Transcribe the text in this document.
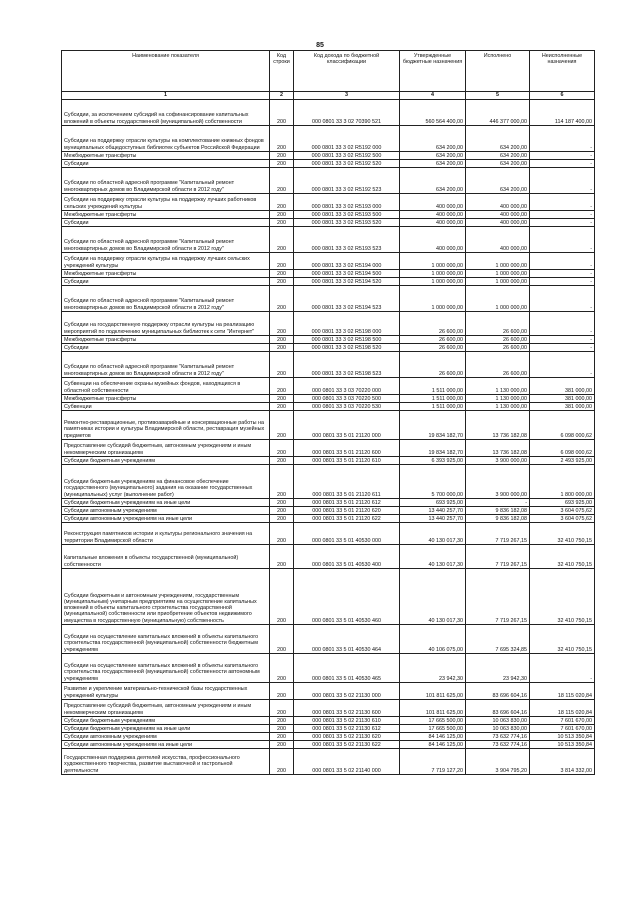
85
Наименование показателя	Код строки	Код дохода по бюджетной классификации	Утвержденные бюджетные назначения	Исполнено	Неисполненные назначения
1	2	3	4	5	6
Субсидии, за исключением субсидий на софинансирование капитальных вложений в объекты государственной (муниципальной) собственности	200	000 0801 33 3 02 70390 521	560 564 400,00	446 377 000,00	114 187 400,00
Субсидии на поддержку отрасли культуры на комплектование книжных фондов муниципальных общедоступных библиотек субъектов Российской Федерации	200	000 0801 33 3 02 R5192 000	634 200,00	634 200,00	-
Межбюджетные трансферты	200	000 0801 33 3 02 R5192 500	634 200,00	634 200,00	-
Субсидии	200	000 0801 33 3 02 R5192 520	634 200,00	634 200,00	-
Субсидии по областной адресной программе "Капитальный ремонт многоквартирных домов во Владимирской области в 2012 году"	200	000 0801 33 3 02 R5192 523	634 200,00	634 200,00	-
Субсидии на поддержку отрасли культуры на поддержку лучших работников сельских учреждений культуры	200	000 0801 33 3 02 R5193 000	400 000,00	400 000,00	-
Межбюджетные трансферты	200	000 0801 33 3 02 R5193 500	400 000,00	400 000,00	-
Субсидии	200	000 0801 33 3 02 R5193 520	400 000,00	400 000,00	-
Субсидии по областной адресной программе "Капитальный ремонт многоквартирных домов во Владимирской области в 2012 году"	200	000 0801 33 3 02 R5193 523	400 000,00	400 000,00	-
Субсидии на поддержку отрасли культуры на поддержку лучших сельских учреждений культуры	200	000 0801 33 3 02 R5194 000	1 000 000,00	1 000 000,00	-
Межбюджетные трансферты	200	000 0801 33 3 02 R5194 500	1 000 000,00	1 000 000,00	-
Субсидии	200	000 0801 33 3 02 R5194 520	1 000 000,00	1 000 000,00	-
Субсидии по областной адресной программе "Капитальный ремонт многоквартирных домов во Владимирской области в 2012 году"	200	000 0801 33 3 02 R5194 523	1 000 000,00	1 000 000,00	-
Субсидии на государственную поддержку отрасли культуры на реализацию мероприятий по подключению муниципальных библиотек к сети "Интернет"	200	000 0801 33 3 02 R5198 000	26 600,00	26 600,00	-
Межбюджетные трансферты	200	000 0801 33 3 02 R5198 500	26 600,00	26 600,00	-
Субсидии	200	000 0801 33 3 02 R5198 520	26 600,00	26 600,00	-
Субсидии по областной адресной программе "Капитальный ремонт многоквартирных домов во Владимирской области в 2012 году"	200	000 0801 33 3 02 R5198 523	26 600,00	26 600,00	-
Субвенции на обеспечение охраны музейных фондов, находящихся в областной собственности	200	000 0801 33 3 03 70220 000	1 511 000,00	1 130 000,00	381 000,00
Межбюджетные трансферты	200	000 0801 33 3 03 70220 500	1 511 000,00	1 130 000,00	381 000,00
Субвенции	200	000 0801 33 3 03 70220 530	1 511 000,00	1 130 000,00	381 000,00
Ремонтно-реставрационные, противоаварийные и консервационные работы на памятниках истории и культуры Владимирской области, реставрация музейных предметов	200	000 0801 33 5 01 21120 000	19 834 182,70	13 736 182,08	6 098 000,62
Предоставление субсидий бюджетным, автономным учреждениям и иным некоммерческим организациям	200	000 0801 33 5 01 21120 600	19 834 182,70	13 736 182,08	6 098 000,62
Субсидии бюджетным учреждениям	200	000 0801 33 5 01 21120 610	6 393 925,00	3 900 000,00	2 493 925,00
Субсидии бюджетным учреждениям на финансовое обеспечение государственного (муниципального) задания на оказание государственных (муниципальных) услуг (выполнение работ)	200	000 0801 33 5 01 21120 611	5 700 000,00	3 900 000,00	1 800 000,00
Субсидии бюджетным учреждениям на иные цели	200	000 0801 33 5 01 21120 612	693 925,00	-	693 925,00
Субсидии автономным учреждениям	200	000 0801 33 5 01 21120 620	13 440 257,70	9 836 182,08	3 604 075,62
Субсидии автономным учреждениям на иные цели	200	000 0801 33 5 01 21120 622	13 440 257,70	9 836 182,08	3 604 075,62
Реконструкция памятников истории и культуры регионального значения на территории Владимирской области	200	000 0801 33 5 01 40530 000	40 130 017,30	7 719 267,15	32 410 750,15
Капитальные вложения в объекты государственной (муниципальной) собственности	200	000 0801 33 5 01 40530 400	40 130 017,30	7 719 267,15	32 410 750,15
Субсидии бюджетным и автономным учреждениям, государственным (муниципальным) унитарным предприятиям на осуществление капитальных вложений в объекты капитального строительства государственной (муниципальной) собственности или приобретение объектов недвижимого имущества в государственную (муниципальную) собственность	200	000 0801 33 5 01 40530 460	40 130 017,30	7 719 267,15	32 410 750,15
Субсидии на осуществление капитальных вложений в объекты капитального строительства государственной (муниципальной) собственности бюджетным учреждениям	200	000 0801 33 5 01 40530 464	40 106 075,00	7 695 324,85	32 410 750,15
Субсидии на осуществление капитальных вложений в объекты капитального строительства государственной (муниципальной) собственности автономным учреждениям	200	000 0801 33 5 01 40530 465	23 942,30	23 942,30	-
Развитие и укрепление материально-технической базы государственных учреждений культуры	200	000 0801 33 5 02 21130 000	101 811 625,00	83 696 604,16	18 115 020,84
Предоставление субсидий бюджетным, автономным учреждениям и иным некоммерческим организациям	200	000 0801 33 5 02 21130 600	101 811 625,00	83 696 604,16	18 115 020,84
Субсидии бюджетным учреждениям	200	000 0801 33 5 02 21130 610	17 665 500,00	10 063 830,00	7 601 670,00
Субсидии бюджетным учреждениям на иные цели	200	000 0801 33 5 02 21130 612	17 665 500,00	10 063 830,00	7 601 670,00
Субсидии автономным учреждениям	200	000 0801 33 5 02 21130 620	84 146 125,00	73 632 774,16	10 513 350,84
Субсидии автономным учреждениям на иные цели	200	000 0801 33 5 02 21130 622	84 146 125,00	73 632 774,16	10 513 350,84
Государственная поддержка деятелей искусства, профессионального художественного творчества, развитие выставочной и гастрольной деятельности	200	000 0801 33 5 02 21140 000	7 719 127,20	3 904 795,20	3 814 332,00
